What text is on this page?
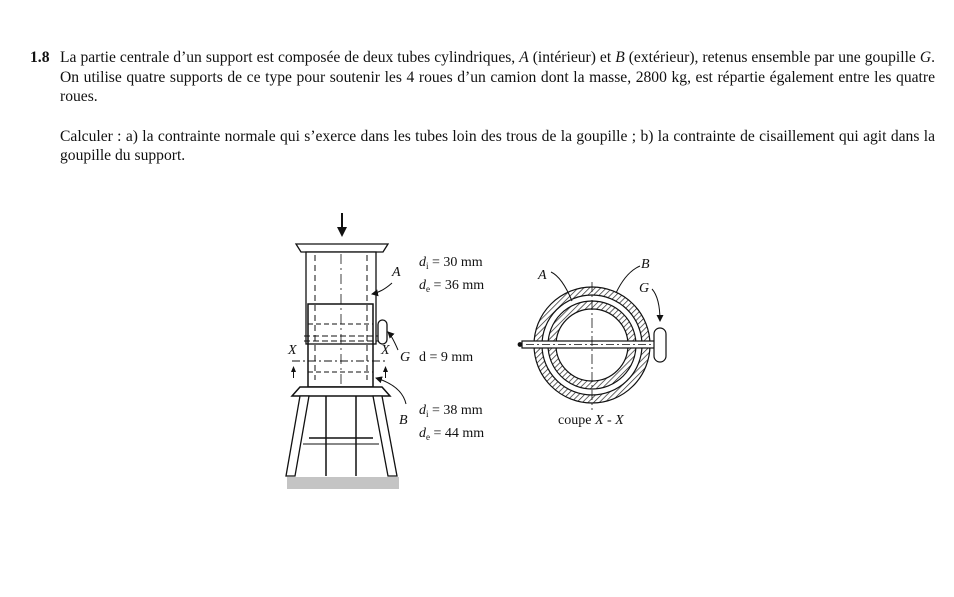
1.8 La partie centrale d’un support est composée de deux tubes cylindriques, A (intérieur) et B (extérieur), retenus ensemble par une goupille G. On utilise quatre supports de ce type pour soutenir les 4 roues d’un camion dont la masse, 2800 kg, est répartie également entre les quatre roues.
Calculer : a) la contrainte normale qui s’exerce dans les tubes loin des trous de la goupille ; b) la contrainte de cisaillement qui agit dans la goupille du support.
A
$d_i = 30$ mm
$d_e = 36$ mm
X	X G d = 9 mm
B
$d_i = 38$ mm
$d_e = 44$ mm
A
B
G
coupe X - X
